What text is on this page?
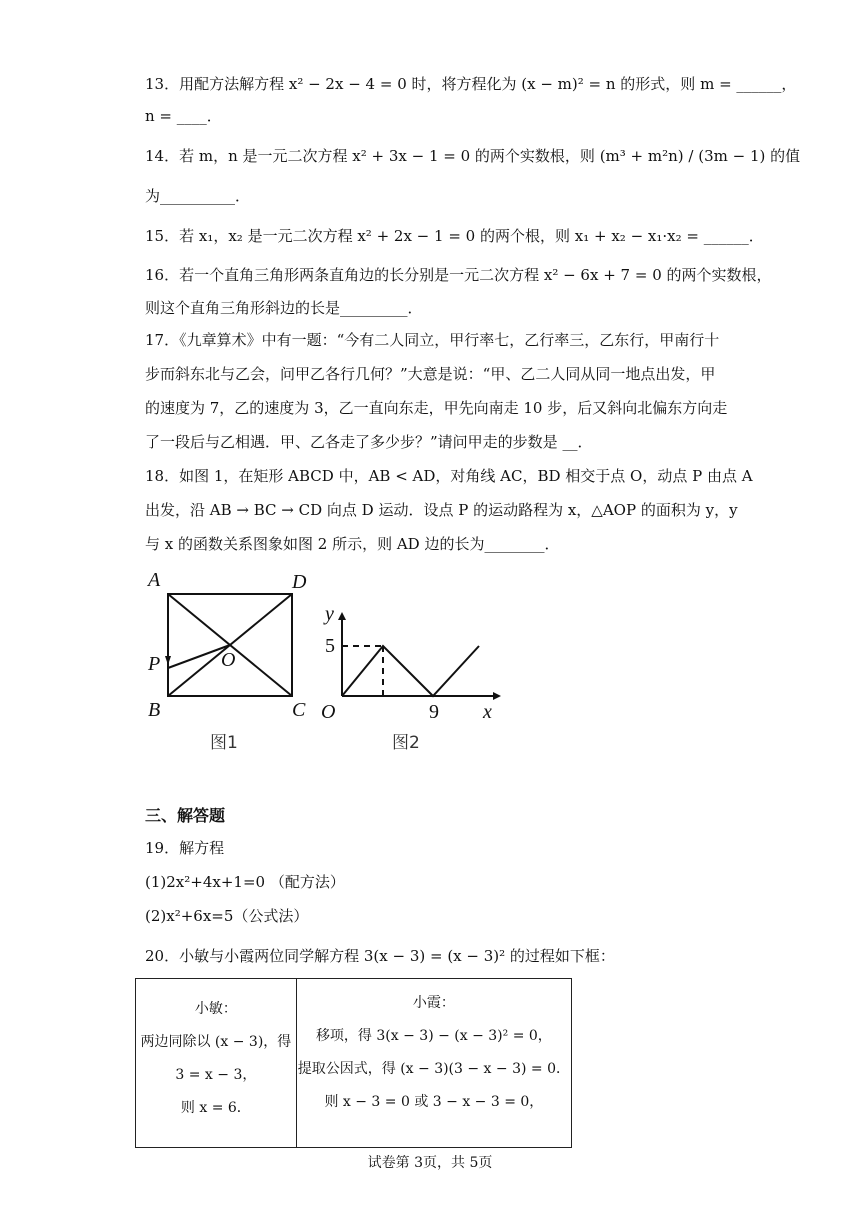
13．用配方法解方程 x² − 2x − 4 = 0 时，将方程化为 (x − m)² = n 的形式，则 m = ______，
n = ____．
14．若 m，n 是一元二次方程 x² + 3x − 1 = 0 的两个实数根，则 (m³ + m²n) / (3m − 1) 的值
为__________．
15．若 x₁，x₂ 是一元二次方程 x² + 2x − 1 = 0 的两个根，则 x₁ + x₂ − x₁·x₂ = ______．
16．若一个直角三角形两条直角边的长分别是一元二次方程 x² − 6x + 7 = 0 的两个实数根，
则这个直角三角形斜边的长是_________．
17．《九章算术》中有一题：“今有二人同立，甲行率七，乙行率三，乙东行，甲南行十
步而斜东北与乙会，问甲乙各行几何？”大意是说：“甲、乙二人同从同一地点出发，甲
的速度为 7，乙的速度为 3，乙一直向东走，甲先向南走 10 步，后又斜向北偏东方向走
了一段后与乙相遇．甲、乙各走了多少步？”请问甲走的步数是 __．
18．如图 1，在矩形 ABCD 中，AB < AD，对角线 AC，BD 相交于点 O，动点 P 由点 A
出发，沿 AB → BC → CD 向点 D 运动．设点 P 的运动路程为 x，△AOP 的面积为 y，y
与 x 的函数关系图象如图 2 所示，则 AD 边的长为________．
A	D
P	O
B	C
图1
y
5
O	9 x
图2
三、解答题
19．解方程
(1)2x²+4x+1=0 （配方法）
(2)x²+6x=5（公式法）
20．小敏与小霞两位同学解方程 3(x − 3) = (x − 3)² 的过程如下框：
小敏：
两边同除以 (x − 3)，得
3 = x − 3，
则 x = 6．

小霞：
移项，得 3(x − 3) − (x − 3)² = 0，
提取公因式，得 (x − 3)(3 − x − 3) = 0．
则 x − 3 = 0 或 3 − x − 3 = 0，
试卷第 3页，共 5页
